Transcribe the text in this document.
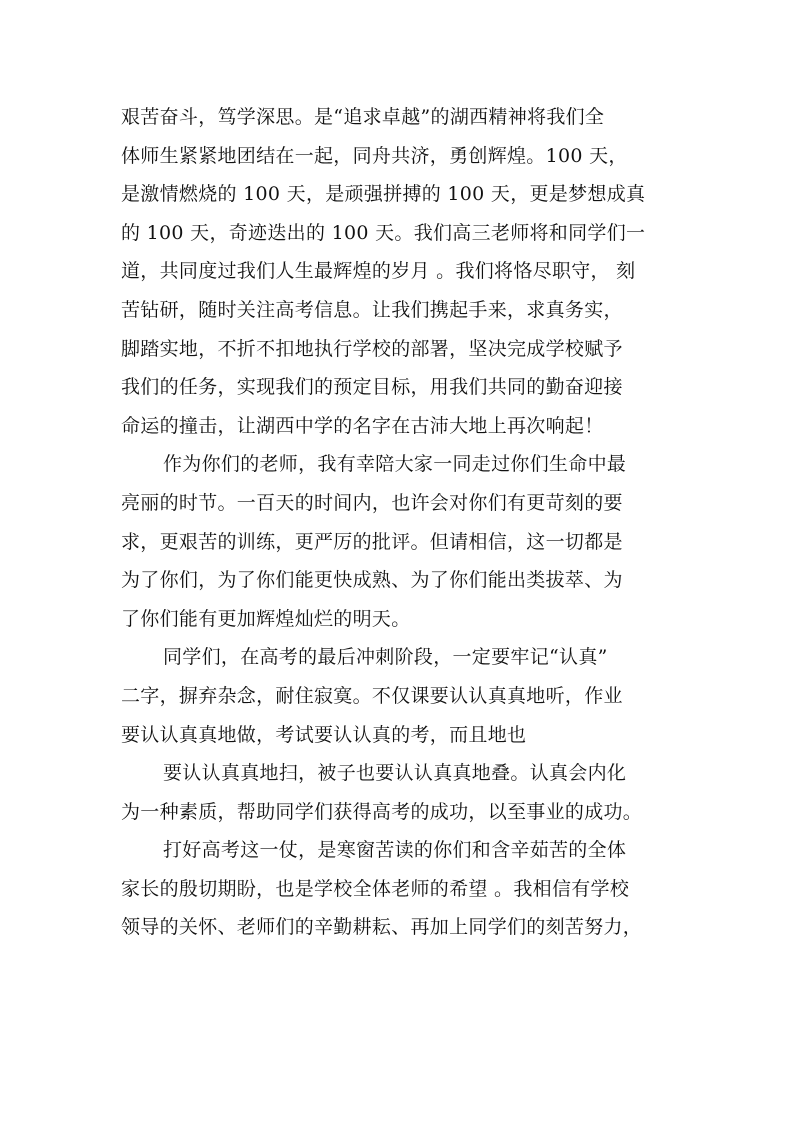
艰苦奋斗，笃学深思。是“追求卓越”的湖西精神将我们全
体师生紧紧地团结在一起，同舟共济，勇创辉煌。100 天，
是激情燃烧的 100 天，是顽强拼搏的 100 天，更是梦想成真
的 100 天，奇迹迭出的 100 天。我们高三老师将和同学们一
道，共同度过我们人生最辉煌的岁月 。我们将恪尽职守， 刻
苦钻研，随时关注高考信息。让我们携起手来，求真务实，
脚踏实地，不折不扣地执行学校的部署，坚决完成学校赋予
我们的任务，实现我们的预定目标，用我们共同的勤奋迎接
命运的撞击，让湖西中学的名字在古沛大地上再次响起！
作为你们的老师，我有幸陪大家一同走过你们生命中最
亮丽的时节。一百天的时间内，也许会对你们有更苛刻的要
求，更艰苦的训练，更严厉的批评。但请相信，这一切都是
为了你们，为了你们能更快成熟、为了你们能出类拔萃、为
了你们能有更加辉煌灿烂的明天。
同学们，在高考的最后冲刺阶段，一定要牢记“认真”
二字，摒弃杂念，耐住寂寞。不仅课要认认真真地听，作业
要认认真真地做，考试要认认真的考，而且地也
要认认真真地扫，被子也要认认真真地叠。认真会内化
为一种素质，帮助同学们获得高考的成功，以至事业的成功。
打好高考这一仗，是寒窗苦读的你们和含辛茹苦的全体
家长的殷切期盼，也是学校全体老师的希望 。我相信有学校
领导的关怀、老师们的辛勤耕耘、再加上同学们的刻苦努力，
